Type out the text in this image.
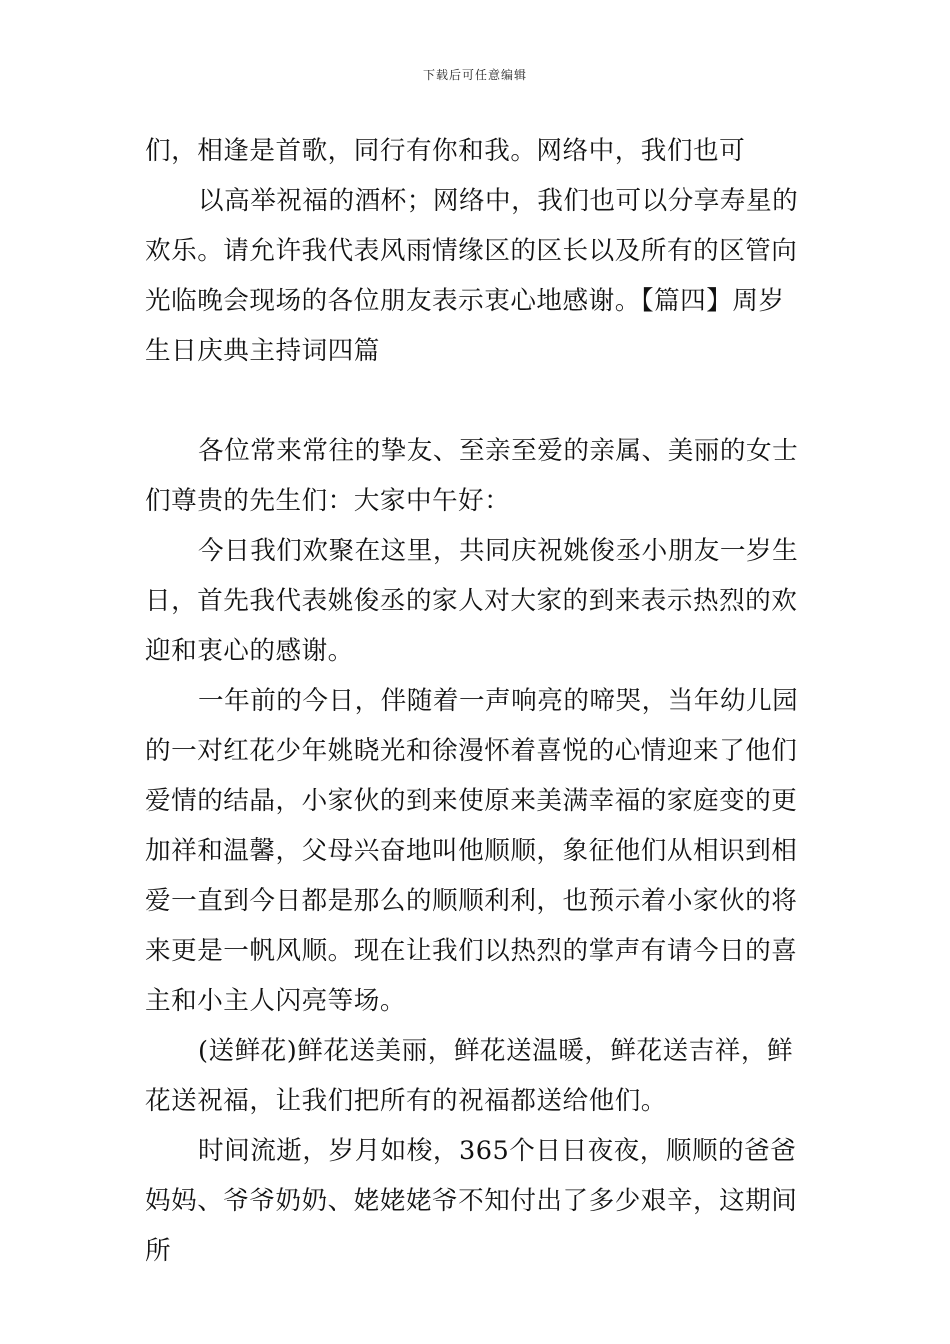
下载后可任意编辑

们，相逢是首歌，同行有你和我。网络中，我们也可

以高举祝福的酒杯；网络中，我们也可以分享寿星的欢乐。请允许我代表风雨情缘区的区长以及所有的区管向光临晚会现场的各位朋友表示衷心地感谢。【篇四】周岁生日庆典主持词四篇

各位常来常往的挚友、至亲至爱的亲属、美丽的女士们尊贵的先生们：大家中午好：

今日我们欢聚在这里，共同庆祝姚俊丞小朋友一岁生日，首先我代表姚俊丞的家人对大家的到来表示热烈的欢迎和衷心的感谢。

一年前的今日，伴随着一声响亮的啼哭，当年幼儿园的一对红花少年姚晓光和徐漫怀着喜悦的心情迎来了他们爱情的结晶，小家伙的到来使原来美满幸福的家庭变的更加祥和温馨，父母兴奋地叫他顺顺，象征他们从相识到相爱一直到今日都是那么的顺顺利利，也预示着小家伙的将来更是一帆风顺。现在让我们以热烈的掌声有请今日的喜主和小主人闪亮等场。

(送鲜花)鲜花送美丽，鲜花送温暖，鲜花送吉祥，鲜花送祝福，让我们把所有的祝福都送给他们。

时间流逝，岁月如梭，365个日日夜夜，顺顺的爸爸妈妈、爷爷奶奶、姥姥姥爷不知付出了多少艰辛，这期间所
